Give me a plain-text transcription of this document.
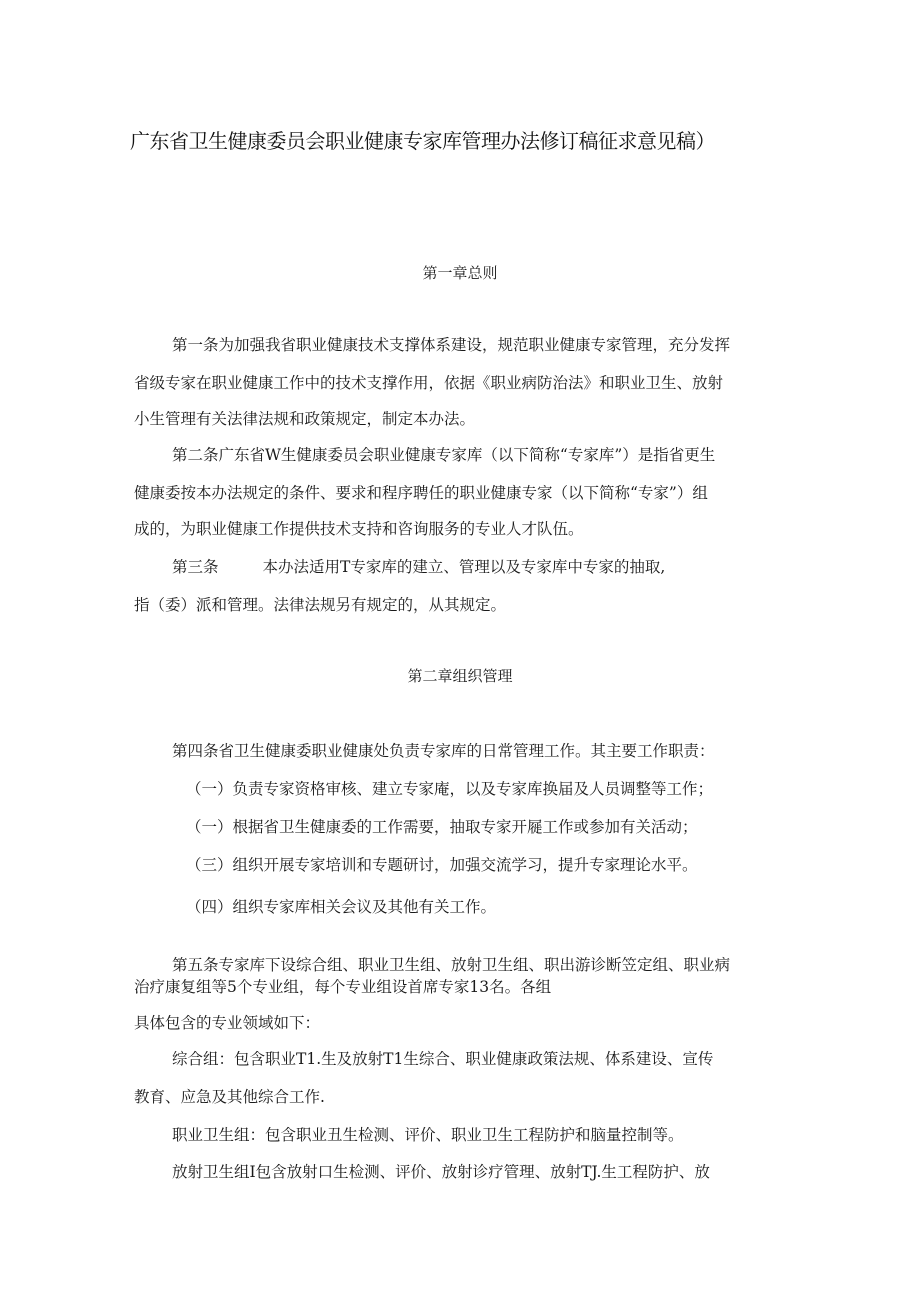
广东省卫生健康委员会职业健康专家库管理办法修订稿征求意见稿）
第一章总则
第一条为加强我省职业健康技术支撑体系建设，规范职业健康专家管理，充分发挥
省级专家在职业健康工作中的技术支撑作用，依据《职业病防治法》和职业卫生、放射
小生管理有关法律法规和政策规定，制定本办法。
第二条广东省W生健康委员会职业健康专家库（以下简称“专家库”）是指省更生
健康委按本办法规定的条件、要求和程序聘任的职业健康专家（以下简称“专家”）组
成的，为职业健康工作提供技术支持和咨询服务的专业人才队伍。
第三条	本办法适用T专家库的建立、管理以及专家库中专家的抽取,
指（委）派和管理。法律法规另有规定的，从其规定。
第二章组织管理
第四条省卫生健康委职业健康处负责专家库的日常管理工作。其主要工作职责：
（一）负责专家资格审核、建立专家庵，以及专家库换届及人员调整等工作；
（一）根据省卫生健康委的工作需要，抽取专家开屣工作或参加有关活动；
（三）组织开展专家培训和专题研讨，加强交流学习，提升专家理论水平。
（四）组织专家库相关会议及其他有关工作。
第五条专家库下设综合组、职业卫生组、放射卫生组、职出游诊断笠定组、职业病
治疗康复组等5个专业组，每个专业组设首席专家13名。各组
具体包含的专业领域如下：
综合组：包含职业T1.生及放射T1生综合、职业健康政策法规、体系建设、宣传
教育、应急及其他综合工作.
职业卫生组：包含职业丑生检测、评价、职业卫生工程防护和脑量控制等。
放射卫生组I包含放射口生检测、评价、放射诊疗管理、放射TJ.生工程防护、放
